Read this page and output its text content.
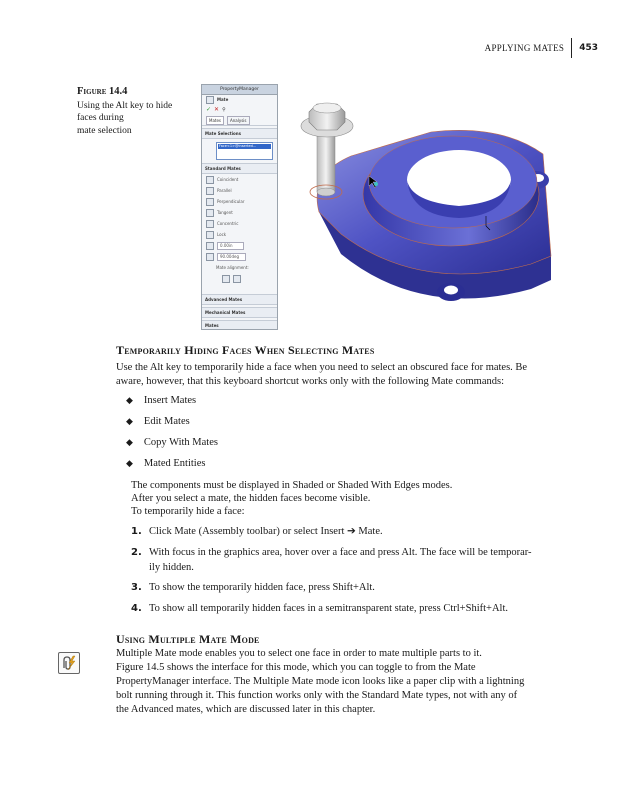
APPLYING MATES	453
Figure 14.4
Using the Alt key to hide
faces during
mate selection
PropertyManager
Mate
✓ ✕ ⚲
Mates	Analysis
Mate Selections
Face<1>@inserted...
Standard Mates
Coincident
Parallel
Perpendicular
Tangent
Concentric
Lock
0.00in
90.00deg
Mate alignment:
Advanced Mates
Mechanical Mates
Mates
Temporarily Hiding Faces When Selecting Mates
Use the Alt key to temporarily hide a face when you need to select an obscured face for mates. Be
aware, however, that this keyboard shortcut works only with the following Mate commands:
◆ Insert Mates
◆ Edit Mates
◆ Copy With Mates
◆ Mated Entities
The components must be displayed in Shaded or Shaded With Edges modes.
After you select a mate, the hidden faces become visible.
To temporarily hide a face:
1. Click Mate (Assembly toolbar) or select Insert ➔ Mate.
2. With focus in the graphics area, hover over a face and press Alt. The face will be temporar-
ily hidden.
3. To show the temporarily hidden face, press Shift+Alt.
4. To show all temporarily hidden faces in a semitransparent state, press Ctrl+Shift+Alt.
Using Multiple Mate Mode
Multiple Mate mode enables you to select one face in order to mate multiple parts to it.
Figure 14.5 shows the interface for this mode, which you can toggle to from the Mate
PropertyManager interface. The Multiple Mate mode icon looks like a paper clip with a lightning
bolt running through it. This function works only with the Standard Mate types, not with any of
the Advanced mates, which are discussed later in this chapter.
